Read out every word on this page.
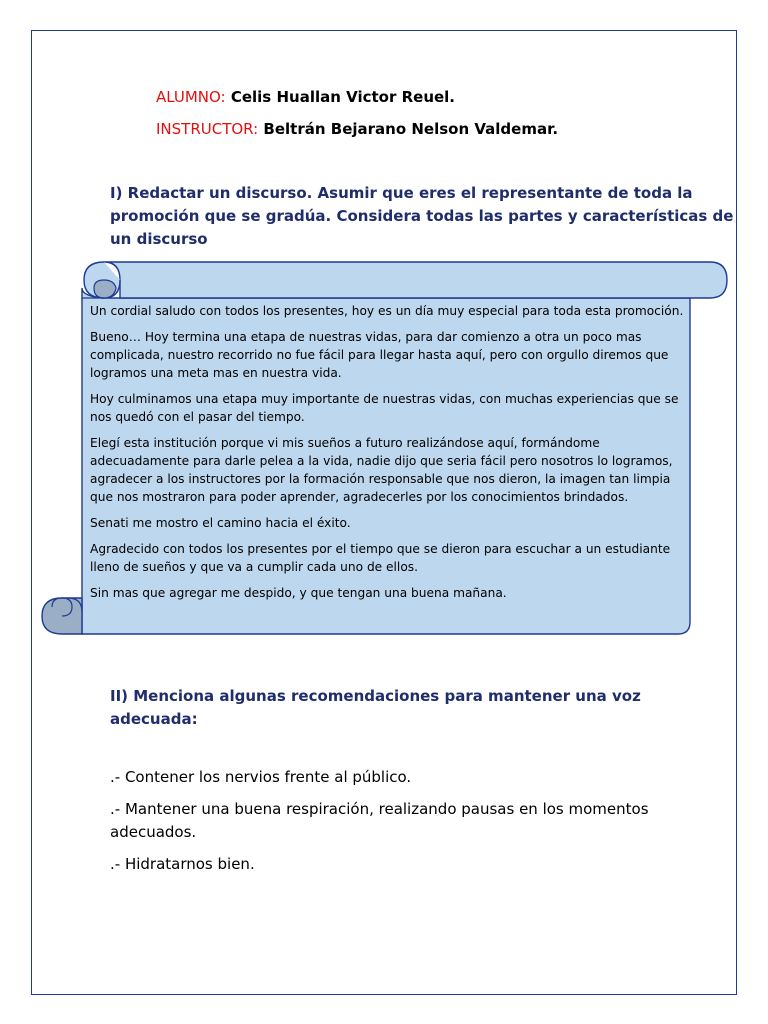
ALUMNO: Celis Huallan Victor Reuel.
INSTRUCTOR: Beltrán Bejarano Nelson Valdemar.
I) Redactar un discurso. Asumir que eres el representante de toda la
promoción que se gradúa. Considera todas las partes y características de
un discurso

Un cordial saludo con todos los presentes, hoy es un día muy especial para toda esta promoción.

Bueno… Hoy termina una etapa de nuestras vidas, para dar comienzo a otra un poco mas complicada, nuestro recorrido no fue fácil para llegar hasta aquí, pero con orgullo diremos que logramos una meta mas en nuestra vida.

Hoy culminamos una etapa muy importante de nuestras vidas, con muchas experiencias que se nos quedó con el pasar del tiempo.

Elegí esta institución porque vi mis sueños a futuro realizándose aquí, formándome adecuadamente para darle pelea a la vida, nadie dijo que seria fácil pero nosotros lo logramos, agradecer a los instructores por la formación responsable que nos dieron, la imagen tan limpia que nos mostraron para poder aprender, agradecerles por los conocimientos brindados.

Senati me mostro el camino hacia el éxito.

Agradecido con todos los presentes por el tiempo que se dieron para escuchar a un estudiante lleno de sueños y que va a cumplir cada uno de ellos.

Sin mas que agregar me despido, y que tengan una buena mañana.

II) Menciona algunas recomendaciones para mantener una voz
adecuada:
.- Contener los nervios frente al público.
.- Mantener una buena respiración, realizando pausas en los momentos
adecuados.
.- Hidratarnos bien.
